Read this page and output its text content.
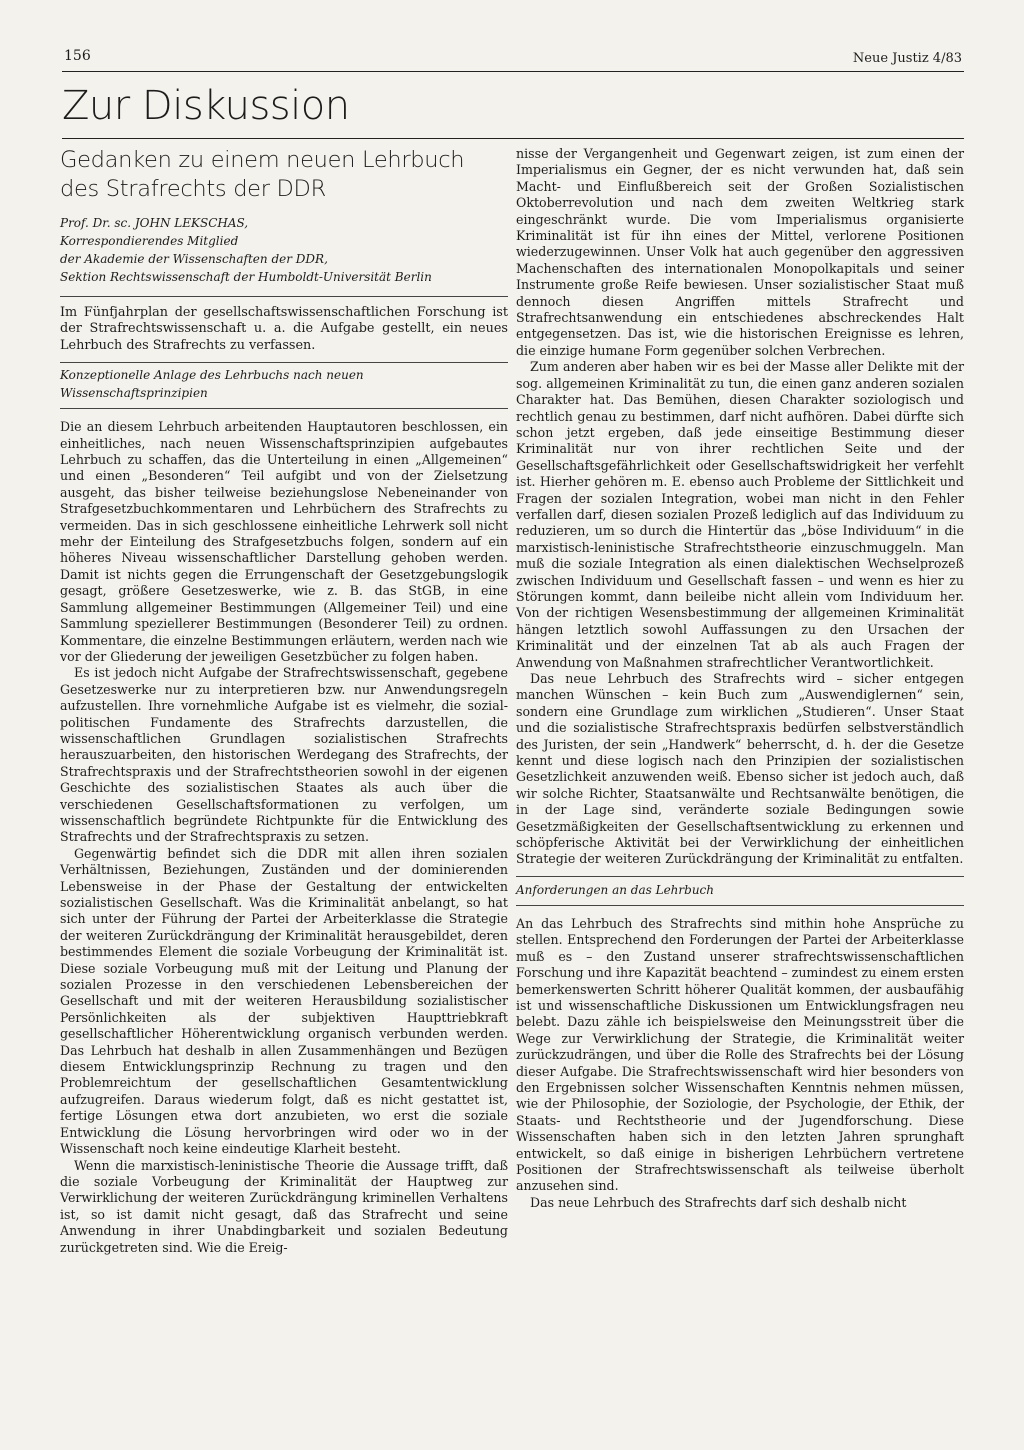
156	Neue Justiz 4/83
Zur Diskussion
Gedanken zu einem neuen Lehrbuch des Strafrechts der DDR
Prof. Dr. sc. JOHN LEKSCHAS,
Korrespondierendes Mitglied
der Akademie der Wissenschaften der DDR,
Sektion Rechtswissenschaft der Humboldt-Universität Berlin

Im Fünfjahrplan der gesellschaftswissenschaftlichen Forschung ist der Strafrechtswissenschaft u. a. die Aufgabe gestellt, ein neues Lehrbuch des Strafrechts zu verfassen.

Konzeptionelle Anlage des Lehrbuchs nach neuen Wissenschaftsprinzipien

Die an diesem Lehrbuch arbeitenden Hauptautoren beschlossen, ein einheitliches, nach neuen Wissenschaftsprinzipien aufgebautes Lehrbuch zu schaffen, das die Unterteilung in einen „Allgemeinen“ und einen „Besonderen“ Teil aufgibt und von der Zielsetzung ausgeht, das bisher teilweise beziehungslose Nebeneinander von Strafgesetzbuchkommentaren und Lehrbüchern des Strafrechts zu vermeiden. Das in sich geschlossene einheitliche Lehrwerk soll nicht mehr der Einteilung des Strafgesetzbuchs folgen, sondern auf ein höheres Niveau wissenschaftlicher Darstellung gehoben werden. Damit ist nichts gegen die Errungenschaft der Gesetzgebungslogik gesagt, größere Gesetzeswerke, wie z. B. das StGB, in eine Sammlung allgemeiner Bestimmungen (Allgemeiner Teil) und eine Sammlung speziellerer Bestimmungen (Besonderer Teil) zu ordnen. Kommentare, die einzelne Bestimmungen erläutern, werden nach wie vor der Gliederung der jeweiligen Gesetzbücher zu folgen haben.

Es ist jedoch nicht Aufgabe der Strafrechtswissenschaft, gegebene Gesetzeswerke nur zu interpretieren bzw. nur Anwendungsregeln aufzustellen. Ihre vornehmliche Aufgabe ist es vielmehr, die sozial-politischen Fundamente des Strafrechts darzustellen, die wissenschaftlichen Grundlagen sozialistischen Strafrechts herauszuarbeiten, den historischen Werdegang des Strafrechts, der Strafrechtspraxis und der Strafrechtstheorien sowohl in der eigenen Geschichte des sozialistischen Staates als auch über die verschiedenen Gesellschaftsformationen zu verfolgen, um wissenschaftlich begründete Richtpunkte für die Entwicklung des Strafrechts und der Strafrechtspraxis zu setzen.

Gegenwärtig befindet sich die DDR mit allen ihren sozialen Verhältnissen, Beziehungen, Zuständen und der dominierenden Lebensweise in der Phase der Gestaltung der entwickelten sozialistischen Gesellschaft. Was die Kriminalität anbelangt, so hat sich unter der Führung der Partei der Arbeiterklasse die Strategie der weiteren Zurückdrängung der Kriminalität herausgebildet, deren bestimmendes Element die soziale Vorbeugung der Kriminalität ist. Diese soziale Vorbeugung muß mit der Leitung und Planung der sozialen Prozesse in den verschiedenen Lebensbereichen der Gesellschaft und mit der weiteren Herausbildung sozialistischer Persönlichkeiten als der subjektiven Haupttriebkraft gesellschaftlicher Höherentwicklung organisch verbunden werden. Das Lehrbuch hat deshalb in allen Zusammenhängen und Bezügen diesem Entwicklungsprinzip Rechnung zu tragen und den Problemreichtum der gesellschaftlichen Gesamtentwicklung aufzugreifen. Daraus wiederum folgt, daß es nicht gestattet ist, fertige Lösungen etwa dort anzubieten, wo erst die soziale Entwicklung die Lösung hervorbringen wird oder wo in der Wissenschaft noch keine eindeutige Klarheit besteht.

Wenn die marxistisch-leninistische Theorie die Aussage trifft, daß die soziale Vorbeugung der Kriminalität der Hauptweg zur Verwirklichung der weiteren Zurückdrängung kriminellen Verhaltens ist, so ist damit nicht gesagt, daß das Strafrecht und seine Anwendung in ihrer Unabdingbarkeit und sozialen Bedeutung zurückgetreten sind. Wie die Ereig-

nisse der Vergangenheit und Gegenwart zeigen, ist zum einen der Imperialismus ein Gegner, der es nicht verwunden hat, daß sein Macht- und Einflußbereich seit der Großen Sozialistischen Oktoberrevolution und nach dem zweiten Weltkrieg stark eingeschränkt wurde. Die vom Imperialismus organisierte Kriminalität ist für ihn eines der Mittel, verlorene Positionen wiederzugewinnen. Unser Volk hat auch gegenüber den aggressiven Machenschaften des internationalen Monopolkapitals und seiner Instrumente große Reife bewiesen. Unser sozialistischer Staat muß dennoch diesen Angriffen mittels Strafrecht und Strafrechtsanwendung ein entschiedenes abschreckendes Halt entgegensetzen. Das ist, wie die historischen Ereignisse es lehren, die einzige humane Form gegenüber solchen Verbrechen.

Zum anderen aber haben wir es bei der Masse aller Delikte mit der sog. allgemeinen Kriminalität zu tun, die einen ganz anderen sozialen Charakter hat. Das Bemühen, diesen Charakter soziologisch und rechtlich genau zu bestimmen, darf nicht aufhören. Dabei dürfte sich schon jetzt ergeben, daß jede einseitige Bestimmung dieser Kriminalität nur von ihrer rechtlichen Seite und der Gesellschaftsgefährlichkeit oder Gesellschaftswidrigkeit her verfehlt ist. Hierher gehören m. E. ebenso auch Probleme der Sittlichkeit und Fragen der sozialen Integration, wobei man nicht in den Fehler verfallen darf, diesen sozialen Prozeß lediglich auf das Individuum zu reduzieren, um so durch die Hintertür das „böse Individuum“ in die marxistisch-leninistische Strafrechtstheorie einzuschmuggeln. Man muß die soziale Integration als einen dialektischen Wechselprozeß zwischen Individuum und Gesellschaft fassen – und wenn es hier zu Störungen kommt, dann beileibe nicht allein vom Individuum her. Von der richtigen Wesensbestimmung der allgemeinen Kriminalität hängen letztlich sowohl Auffassungen zu den Ursachen der Kriminalität und der einzelnen Tat ab als auch Fragen der Anwendung von Maßnahmen strafrechtlicher Verantwortlichkeit.

Das neue Lehrbuch des Strafrechts wird – sicher entgegen manchen Wünschen – kein Buch zum „Auswendiglernen“ sein, sondern eine Grundlage zum wirklichen „Studieren“. Unser Staat und die sozialistische Strafrechtspraxis bedürfen selbstverständlich des Juristen, der sein „Handwerk“ beherrscht, d. h. der die Gesetze kennt und diese logisch nach den Prinzipien der sozialistischen Gesetzlichkeit anzuwenden weiß. Ebenso sicher ist jedoch auch, daß wir solche Richter, Staatsanwälte und Rechtsanwälte benötigen, die in der Lage sind, veränderte soziale Bedingungen sowie Gesetzmäßigkeiten der Gesellschaftsentwicklung zu erkennen und schöpferische Aktivität bei der Verwirklichung der einheitlichen Strategie der weiteren Zurückdrängung der Kriminalität zu entfalten.

Anforderungen an das Lehrbuch

An das Lehrbuch des Strafrechts sind mithin hohe Ansprüche zu stellen. Entsprechend den Forderungen der Partei der Arbeiterklasse muß es – den Zustand unserer strafrechtswissenschaftlichen Forschung und ihre Kapazität beachtend – zumindest zu einem ersten bemerkenswerten Schritt höherer Qualität kommen, der ausbaufähig ist und wissenschaftliche Diskussionen um Entwicklungsfragen neu belebt. Dazu zähle ich beispielsweise den Meinungsstreit über die Wege zur Verwirklichung der Strategie, die Kriminalität weiter zurückzudrängen, und über die Rolle des Strafrechts bei der Lösung dieser Aufgabe. Die Strafrechtswissenschaft wird hier besonders von den Ergebnissen solcher Wissenschaften Kenntnis nehmen müssen, wie der Philosophie, der Soziologie, der Psychologie, der Ethik, der Staats- und Rechtstheorie und der Jugendforschung. Diese Wissenschaften haben sich in den letzten Jahren sprunghaft entwickelt, so daß einige in bisherigen Lehrbüchern vertretene Positionen der Strafrechtswissenschaft als teilweise überholt anzusehen sind.

Das neue Lehrbuch des Strafrechts darf sich deshalb nicht
